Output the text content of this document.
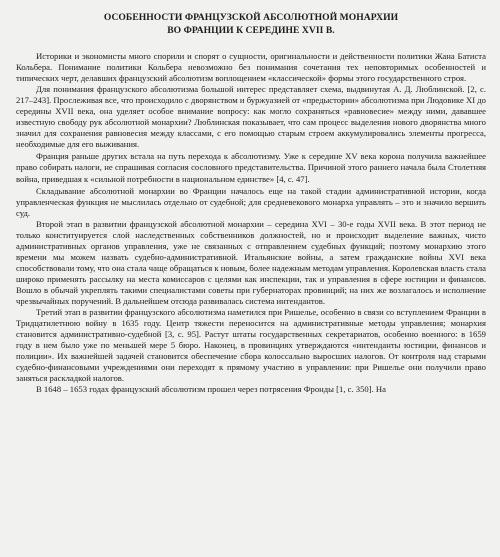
ОСОБЕННОСТИ ФРАНЦУЗСКОЙ АБСОЛЮТНОЙ МОНАРХИИ
ВО ФРАНЦИИ К СЕРЕДИНЕ XVII В.

Историки и экономисты много спорили и спорят о сущности, оригинальности и действенности политики Жана Батиста Кольбера. Понимание политики Кольбера невозможно без понимания сочетания тех неповторимых особенностей и типических черт, делавших французский абсолютизм воплощением «классической» формы этого государственного строя.

Для понимания французского абсолютизма большой интерес представляет схема, выдвинутая А. Д. Люблинской. [2, с. 217–243]. Прослеживая все, что происходило с дворянством и буржуазией от «предыстории» абсолютизма при Людовике XI до середины XVII века, она уделяет особое внимание вопросу: как могло сохраняться «равновесие» между ними, дававшее известную свободу рук абсолютной монархии? Люблинская показывает, что сам процесс выделения нового дворянства много значил для сохранения равновесия между классами, с его помощью старым строем аккумулировались элементы прогресса, необходимые для его выживания.

Франция раньше других встала на путь перехода к абсолютизму. Уже к середине XV века корона получила важнейшее право собирать налоги, не спрашивая согласия сословного представительства. Причиной этого раннего начала была Столетняя война, приведшая к «сильной потребности в национальном единстве» [4, с. 47].

Складывание абсолютной монархии во Франции началось еще на такой стадии административной истории, когда управленческая функция не мыслилась отдельно от судебной; для средневекового монарха управлять – это и значило вершить суд.

Второй этап в развитии французской абсолютной монархии – середина XVI – 30-е годы XVII века. В этот период не только конституируется слой наследственных собственников должностей, но и происходит выделение важных, чисто административных органов управления, уже не связанных с отправлением судебных функций; поэтому монархию этого времени мы можем назвать судебно-административной. Итальянские войны, а затем гражданские войны XVI века способствовали тому, что она стала чаще обращаться к новым, более надежным методам управления. Королевская власть стала широко применять рассылку на места комиссаров с целями как инспекции, так и управления в сфере юстиции и финансов. Вошло в обычай укреплять такими специалистами советы при губернаторах провинций; на них же возлагалось и исполнение чрезвычайных поручений. В дальнейшем отсюда развивалась система интендантов.

Третий этап в развитии французского абсолютизма наметился при Ришелье, особенно в связи со вступлением Франции в Тридцатилетнюю войну в 1635 году. Центр тяжести переносится на административные методы управления; монархия становится административно-судебной [3, с. 95]. Растут штаты государственных секретариатов, особенно военного: в 1659 году в нем было уже по меньшей мере 5 бюро. Наконец, в провинциях утверждаются «интенданты юстиции, финансов и полиции». Их важнейшей задачей становится обеспечение сбора колоссально выросших налогов. От контроля над старыми судебно-финансовыми учреждениями они переходят к прямому участию в управлении: при Ришелье они получили право заняться раскладкой налогов.

В 1648 – 1653 годах французский абсолютизм прошел через потрясения Фронды [1, с. 350]. На
